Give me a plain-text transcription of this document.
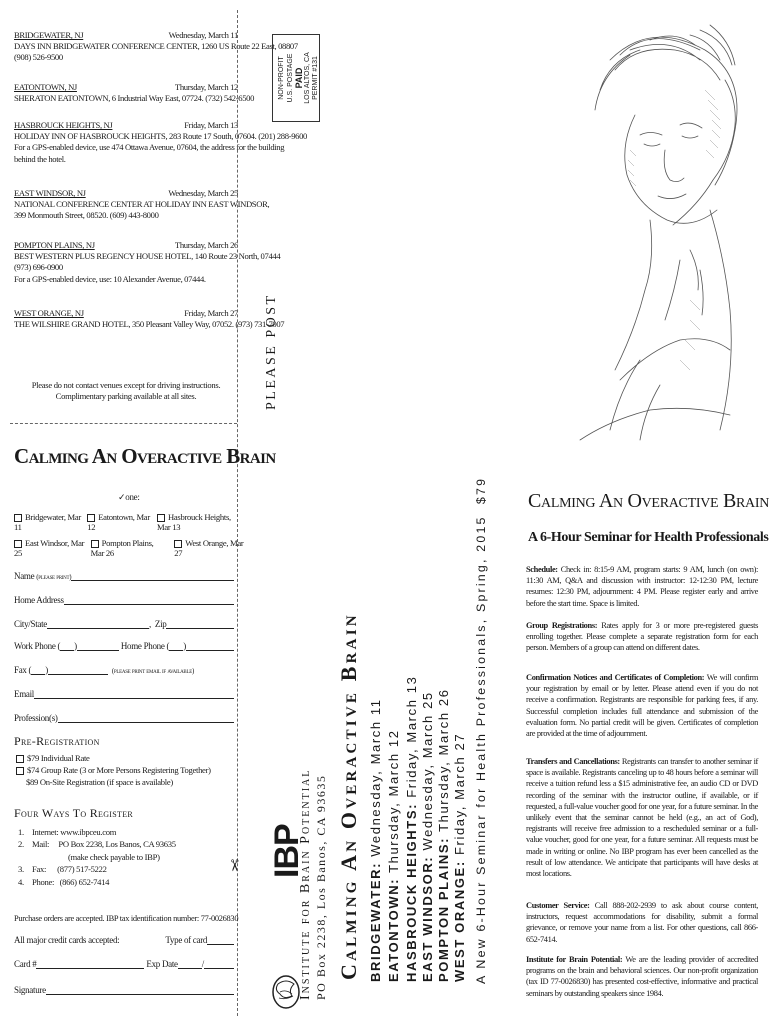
BRIDGEWATER, NJ	Wednesday, March 11
DAYS INN BRIDGEWATER CONFERENCE CENTER, 1260 US Route 22 East, 08807
(908) 526-9500
EATONTOWN, NJ	Thursday, March 12
SHERATON EATONTOWN, 6 Industrial Way East, 07724. (732) 542-6500
HASBROUCK HEIGHTS, NJ	Friday, March 13
HOLIDAY INN OF HASBROUCK HEIGHTS, 283 Route 17 South, 07604. (201) 288-9600
For a GPS-enabled device, use 474 Ottawa Avenue, 07604, the address for the building
behind the hotel.
EAST WINDSOR, NJ	Wednesday, March 25
NATIONAL CONFERENCE CENTER AT HOLIDAY INN EAST WINDSOR,
399 Monmouth Street, 08520. (609) 443-8000
POMPTON PLAINS, NJ	Thursday, March 26
BEST WESTERN PLUS REGENCY HOUSE HOTEL, 140 Route 23 North, 07444
(973) 696-0900
For a GPS-enabled device, use: 10 Alexander Avenue, 07444.
WEST ORANGE, NJ	Friday, March 27
THE WILSHIRE GRAND HOTEL, 350 Pleasant Valley Way, 07052. (973) 731-7007
Please do not contact venues except for driving instructions.
Complimentary parking available at all sites.
✂
NON-PROFIT U.S. POSTAGE PAID LOS ALTOS, CA PERMIT #131
PLEASE POST
Calming An Overactive Brain
✓one:
Bridgewater, Mar 11
Eatontown, Mar 12
Hasbrouck Heights, Mar 13
East Windsor, Mar 25
Pompton Plains, Mar 26
West Orange, Mar 27
Name
(please print)
Home Address
City/State	, Zip
Work Phone ( )
	Home Phone ( )
Fax ( )
	(please print email if available)
Email
Profession(s)
Pre-Registration
$79 Individual Rate
$74 Group Rate (3 or More Persons Registering Together)
$89 On-Site Registration (if space is available)
Four Ways To Register
1. Internet: www.ibpceu.com
2. Mail:     PO Box 2238, Los Banos, CA 93635
(make check payable to IBP)
3. Fax:      (877) 517-5222
4. Phone:   (866) 652-7414
Purchase orders are accepted. IBP tax identification number: 77-0026830
All major credit cards accepted:	Type of card
Card #
	Exp Date	/
Signature
IBP
Institute for Brain Potential PO Box 2238, Los Banos, CA 93635 Calming An Overactive Brain BRIDGEWATER: Wednesday, March 11
EATONTOWN: Thursday, March 12
HASBROUCK HEIGHTS: Friday, March 13
EAST WINDSOR: Wednesday, March 25
POMPTON PLAINS: Thursday, March 26
WEST ORANGE: Friday, March 27 A New 6-Hour Seminar for Health Professionals, Spring, 2015  $79 Calming An Overactive Brain
A 6-Hour Seminar for Health Professionals
Schedule: Check in: 8:15-9 AM, program starts: 9 AM, lunch (on own): 11:30 AM, Q&A and discussion with instructor: 12-12:30 PM, lecture resumes: 12:30 PM, adjournment: 4 PM. Please register early and arrive before the start time. Space is limited.
Group Registrations: Rates apply for 3 or more pre-registered guests enrolling together. Please complete a separate registration form for each person. Members of a group can attend on different dates.
Confirmation Notices and Certificates of Completion: We will confirm your registration by email or by letter. Please attend even if you do not receive a confirmation. Registrants are responsible for parking fees, if any. Successful completion includes full attendance and submission of the evaluation form. No partial credit will be given. Certificates of completion are provided at the time of adjournment.
Transfers and Cancellations: Registrants can transfer to another seminar if space is available. Registrants canceling up to 48 hours before a seminar will receive a tuition refund less a $15 administrative fee, an audio CD or DVD recording of the seminar with the instructor outline, if available, or if requested, a full-value voucher good for one year, for a future seminar. In the unlikely event that the seminar cannot be held (e.g., an act of God), registrants will receive free admission to a rescheduled seminar or a full-value voucher, good for one year, for a future seminar. All requests must be made in writing or online. No IBP program has ever been cancelled as the result of low attendance. We anticipate that participants will have desks at most locations.
Customer Service: Call 888-202-2939 to ask about course content, instructors, request accommodations for disability, submit a formal grievance, or remove your name from a list. For other questions, call 866-652-7414.
Institute for Brain Potential: We are the leading provider of accredited programs on the brain and behavioral sciences. Our non-profit organization (tax ID 77-0026830) has presented cost-effective, informative and practical seminars by outstanding speakers since 1984.
